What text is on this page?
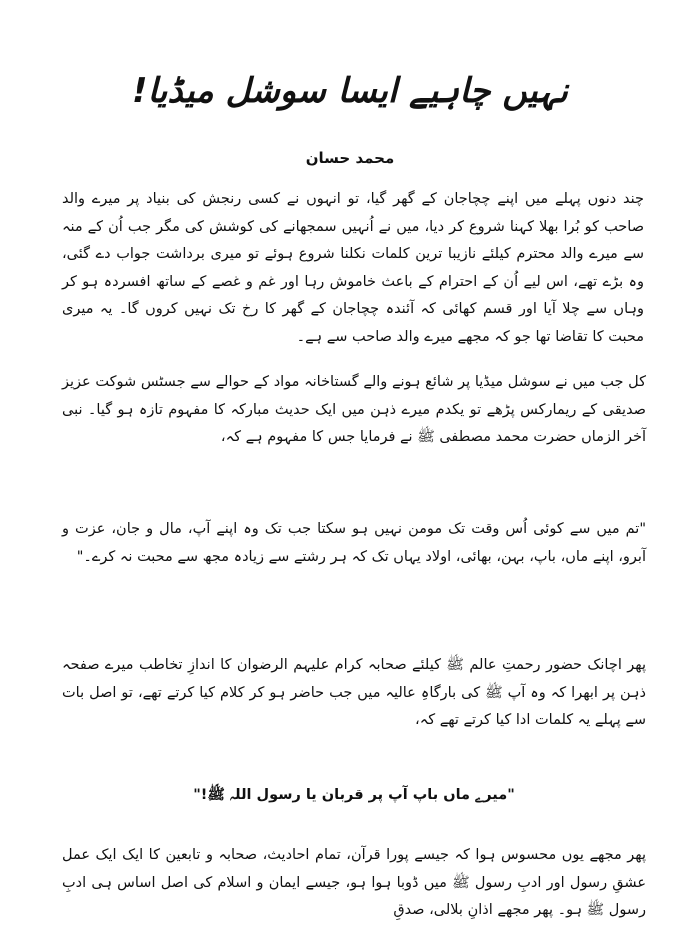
نہیں چاہیے ایسا سوشل میڈیا!
محمد حسان

چند دنوں پہلے میں اپنے چچاجان کے گھر گیا، تو انہوں نے کسی رنجش کی بنیاد پر میرے والد صاحب کو بُرا بھلا کہنا شروع کر دیا، میں نے اُنہیں سمجھانے کی کوشش کی مگر جب اُن کے منہ سے میرے والد محترم کیلئے نازیبا ترین کلمات نکلنا شروع ہوئے تو میری برداشت جواب دے گئی، وہ بڑے تھے، اس لیے اُن کے احترام کے باعث خاموش رہا اور غم و غصے کے ساتھ افسردہ ہو کر وہاں سے چلا آیا اور قسم کھائی کہ آئندہ چچاجان کے گھر کا رخ تک نہیں کروں گا۔ یہ میری محبت کا تقاضا تھا جو کہ مجھے میرے والد صاحب سے ہے۔

کل جب میں نے سوشل میڈیا پر شائع ہونے والے گستاخانہ مواد کے حوالے سے جسٹس شوکت عزیز صدیقی کے ریمارکس پڑھے تو یکدم میرے ذہن میں ایک حدیث مبارکہ کا مفہوم تازہ ہو گیا۔ نبی آخر الزماں حضرت محمد مصطفی ﷺ نے فرمایا جس کا مفہوم ہے کہ،

"تم میں سے کوئی اُس وقت تک مومن نہیں ہو سکتا جب تک وہ اپنے آپ، مال و جان، عزت و آبرو، اپنے ماں، باپ، بہن، بھائی، اولاد یہاں تک کہ ہر رشتے سے زیادہ مجھ سے محبت نہ کرے۔"

پھر اچانک حضور رحمتِ عالم ﷺ کیلئے صحابہ کرام علیہم الرضوان کا اندازِ تخاطب میرے صفحہ ذہن پر ابھرا کہ وہ آپ ﷺ کی بارگاہِ عالیہ میں جب حاضر ہو کر کلام کیا کرتے تھے، تو اصل بات سے پہلے یہ کلمات ادا کیا کرتے تھے کہ،

"میرے ماں باپ آپ پر قربان یا رسول اللہ ﷺ!"

پھر مجھے یوں محسوس ہوا کہ جیسے پورا قرآن، تمام احادیث، صحابہ و تابعین کا ایک ایک عمل عشقِ رسول اور ادبِ رسول ﷺ میں ڈوبا ہوا ہو، جیسے ایمان و اسلام کی اصل اساس ہی ادبِ رسول ﷺ ہو۔ پھر مجھے اذانِ بلالی، صدقِ
